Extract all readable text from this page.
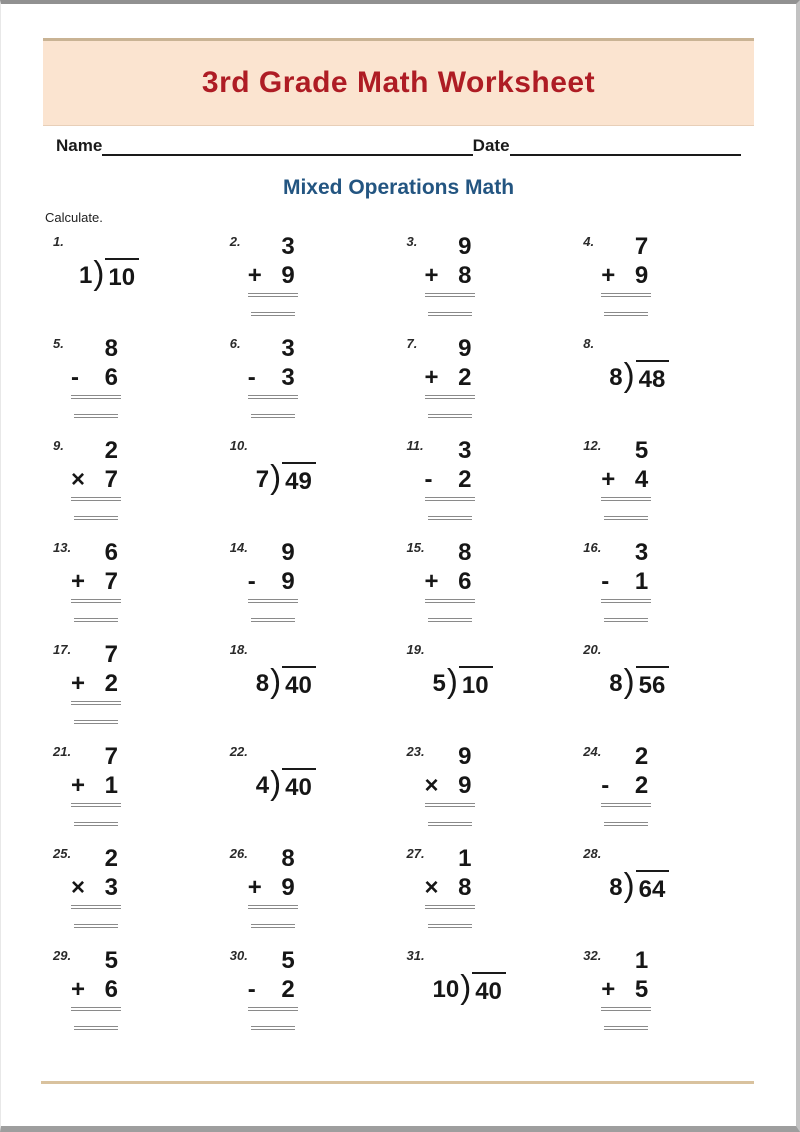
3rd Grade Math Worksheet
Name	Date
Mixed Operations Math
Calculate.
1.
1 ) 10
2.	3
+ 9
3.	9
+ 8
4.	7
+ 9
5.	8
- 6
6.	3
- 3
7.	9
+ 2
8.
8 ) 48
9.	2
× 7
10.
7 ) 49
11.	3
- 2
12.	5
+ 4
13.	6
+ 7
14.	9
- 9
15.	8
+ 6
16.	3
- 1
17.	7
+ 2
18.
8 ) 40
19.
5 ) 10
20.
8 ) 56
21.	7
+ 1
22.
4 ) 40
23.	9
× 9
24.	2
- 2
25.	2
× 3
26.	8
+ 9
27.	1
× 8
28.
8 ) 64
29.	5
+ 6
30.	5
- 2
31.
10 ) 40
32.	1
+ 5
